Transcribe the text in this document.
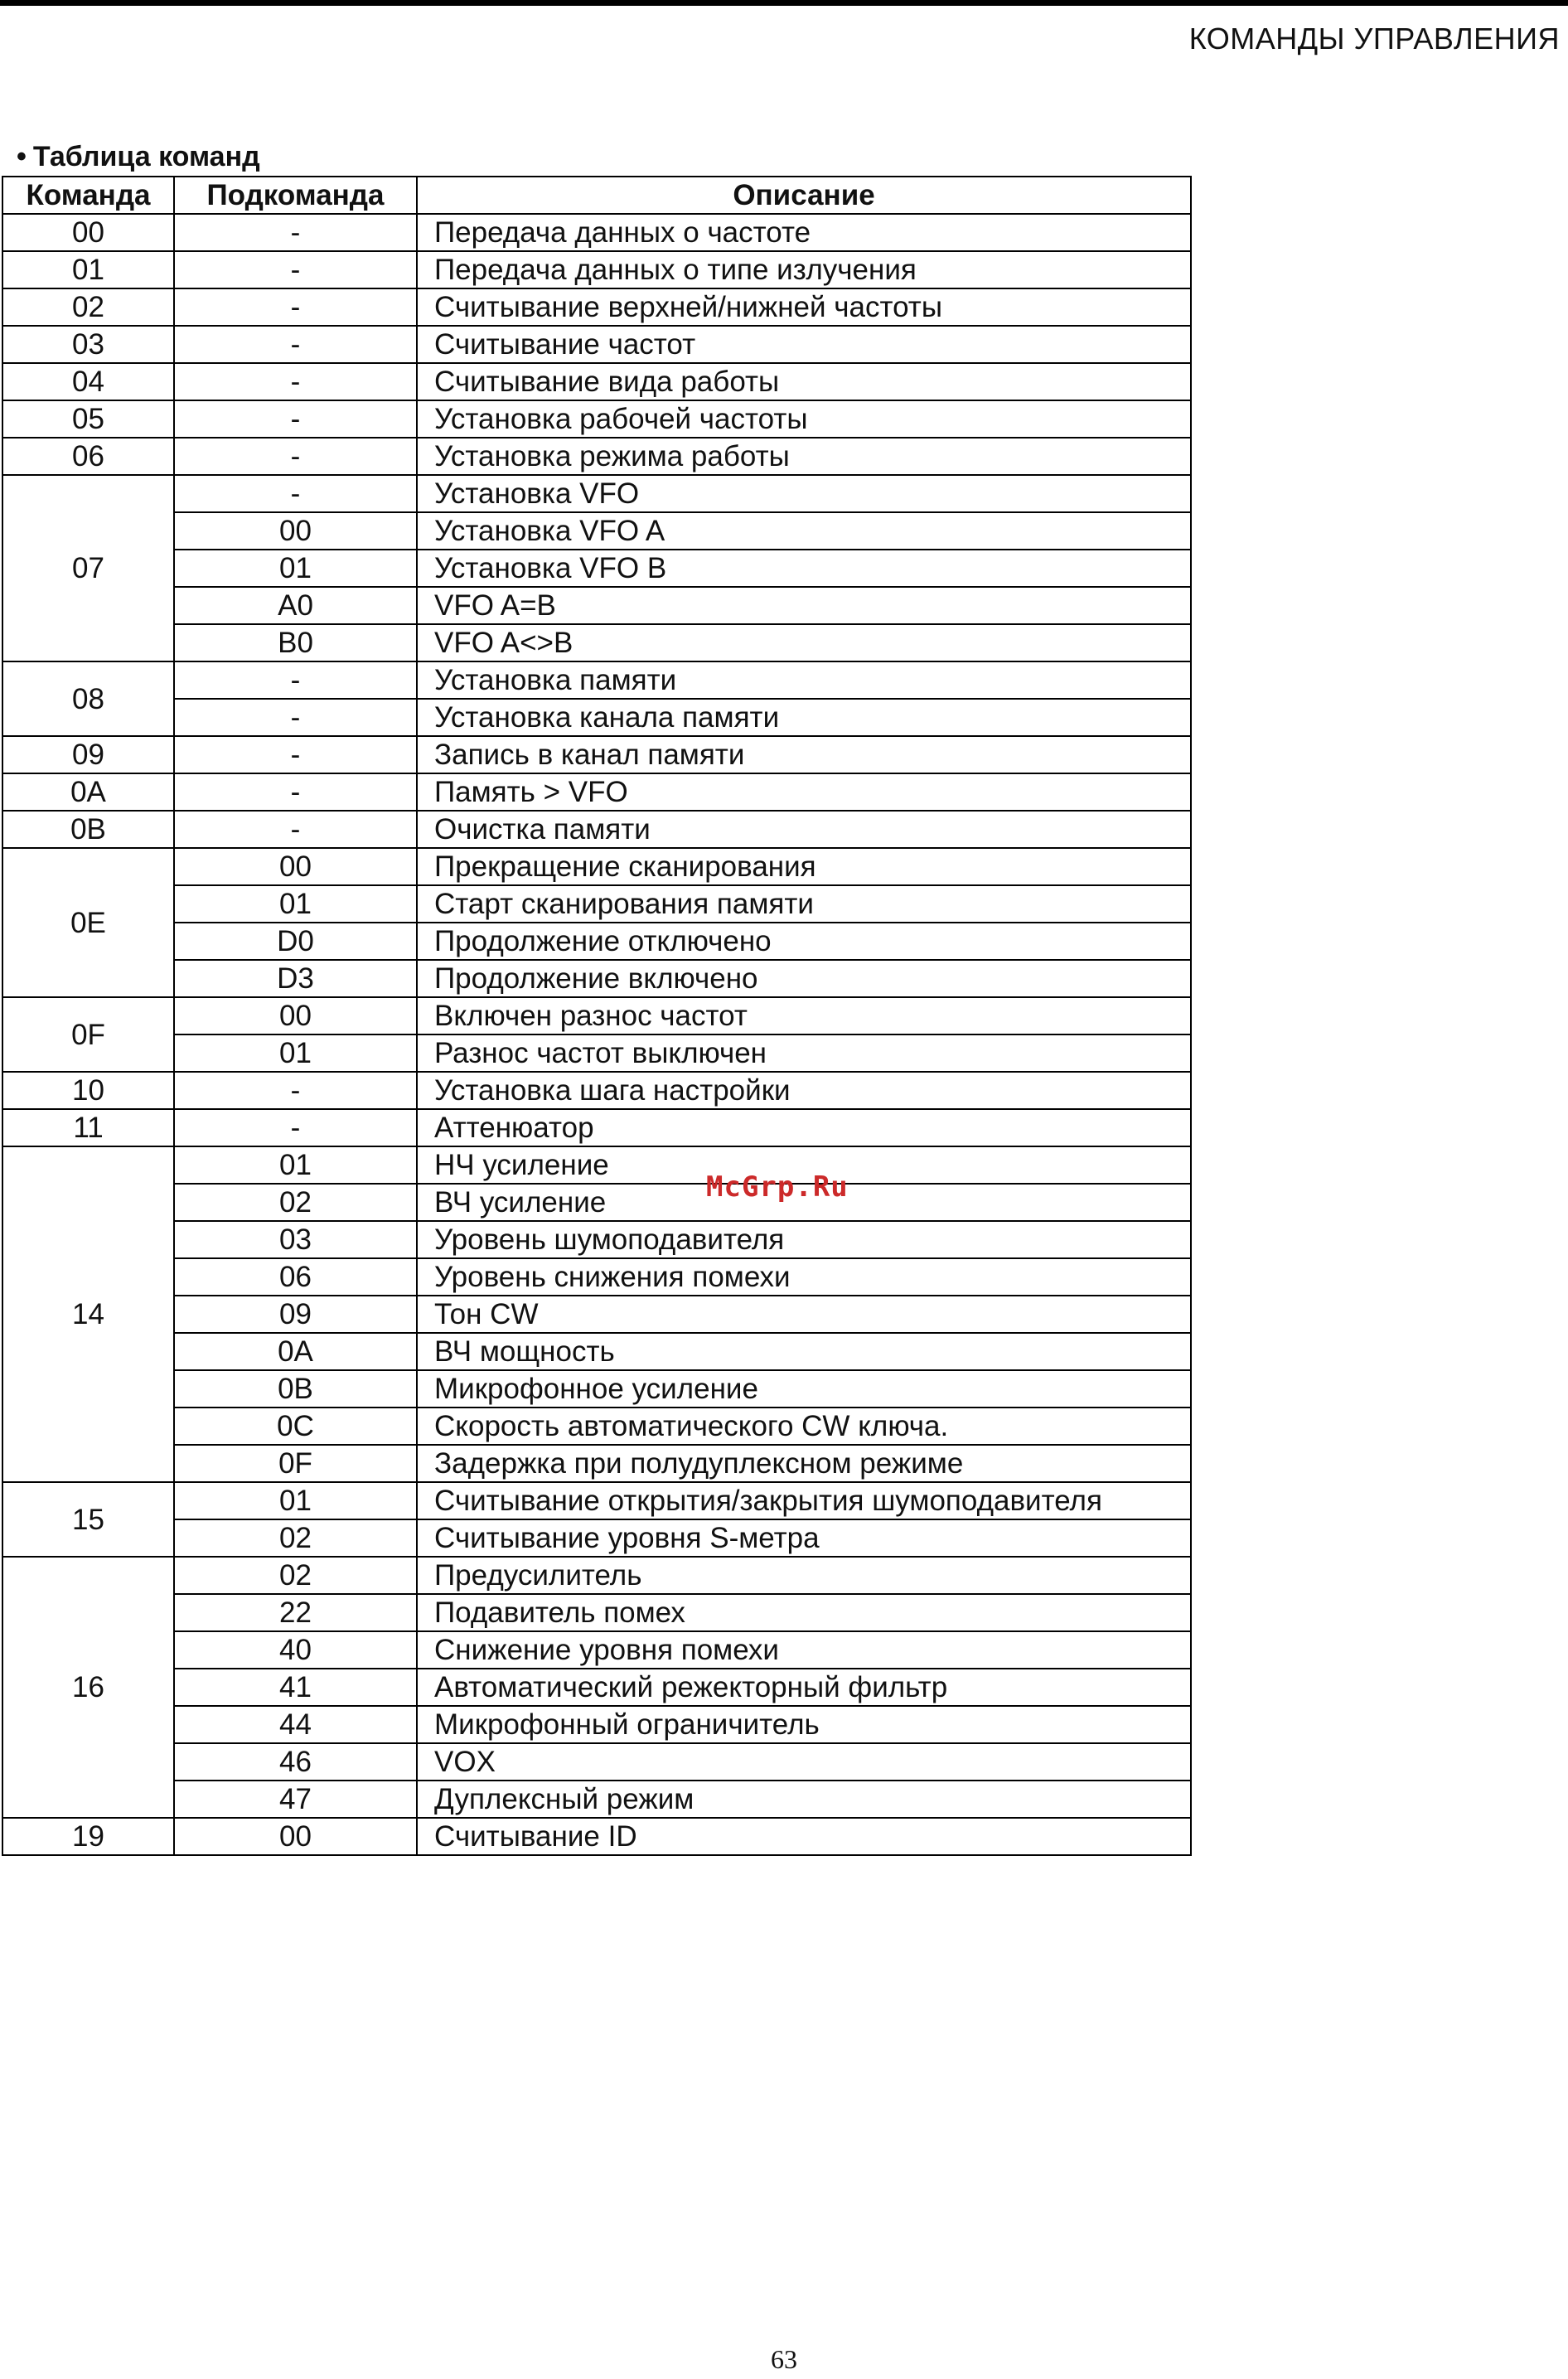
КОМАНДЫ УПРАВЛЕНИЯ
• Таблица команд
Команда	Подкоманда	Описание
00	-	Передача данных о частоте
01	-	Передача данных о типе излучения
02	-	Считывание верхней/нижней частоты
03	-	Считывание частот
04	-	Считывание вида работы
05	-	Установка рабочей частоты
06	-	Установка режима работы
07	-	Установка VFO
	00	Установка VFO A
	01	Установка VFO B
	A0	VFO A=B
	B0	VFO A<>B
08	-	Установка памяти
	-	Установка канала памяти
09	-	Запись в канал памяти
0A	-	Память > VFO
0B	-	Очистка памяти
0E	00	Прекращение сканирования
	01	Старт сканирования памяти
	D0	Продолжение отключено
	D3	Продолжение включено
0F	00	Включен разнос частот
	01	Разнос частот выключен
10	-	Установка шага настройки
11	-	Аттенюатор
14	01	НЧ усиление
	02	ВЧ усиление
	03	Уровень шумоподавителя
	06	Уровень снижения помехи
	09	Тон CW
	0A	ВЧ мощность
	0B	Микрофонное усиление
	0C	Скорость автоматического CW ключа.
	0F	Задержка при полудуплексном режиме
15	01	Считывание открытия/закрытия шумоподавителя
	02	Считывание уровня S-метра
16	02	Предусилитель
	22	Подавитель помех
	40	Снижение уровня помехи
	41	Автоматический режекторный фильтр
	44	Микрофонный ограничитель
	46	VOX
	47	Дуплексный режим
19	00	Считывание ID
McGrp.Ru
63
